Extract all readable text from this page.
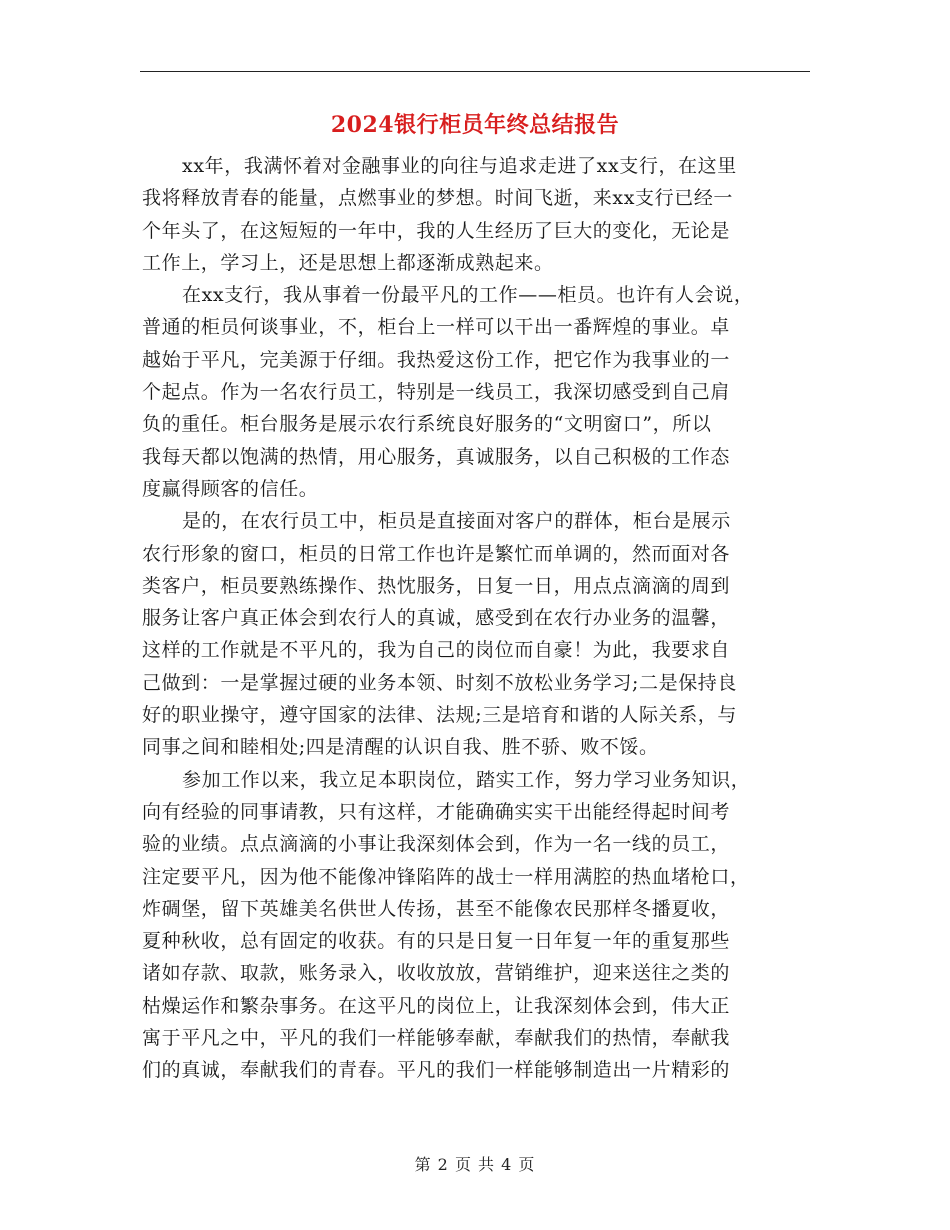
2024银行柜员年终总结报告
xx年，我满怀着对金融事业的向往与追求走进了xx支行，在这里
我将释放青春的能量，点燃事业的梦想。时间飞逝，来xx支行已经一
个年头了，在这短短的一年中，我的人生经历了巨大的变化，无论是
工作上，学习上，还是思想上都逐渐成熟起来。
在xx支行，我从事着一份最平凡的工作——柜员。也许有人会说，
普通的柜员何谈事业，不，柜台上一样可以干出一番辉煌的事业。卓
越始于平凡，完美源于仔细。我热爱这份工作，把它作为我事业的一
个起点。作为一名农行员工，特别是一线员工，我深切感受到自己肩
负的重任。柜台服务是展示农行系统良好服务的“文明窗口”，所以
我每天都以饱满的热情，用心服务，真诚服务，以自己积极的工作态
度赢得顾客的信任。
是的，在农行员工中，柜员是直接面对客户的群体，柜台是展示
农行形象的窗口，柜员的日常工作也许是繁忙而单调的，然而面对各
类客户，柜员要熟练操作、热忱服务，日复一日，用点点滴滴的周到
服务让客户真正体会到农行人的真诚，感受到在农行办业务的温馨，
这样的工作就是不平凡的，我为自己的岗位而自豪！为此，我要求自
己做到：一是掌握过硬的业务本领、时刻不放松业务学习;二是保持良
好的职业操守，遵守国家的法律、法规;三是培育和谐的人际关系，与
同事之间和睦相处;四是清醒的认识自我、胜不骄、败不馁。
参加工作以来，我立足本职岗位，踏实工作，努力学习业务知识，
向有经验的同事请教，只有这样，才能确确实实干出能经得起时间考
验的业绩。点点滴滴的小事让我深刻体会到，作为一名一线的员工，
注定要平凡，因为他不能像冲锋陷阵的战士一样用满腔的热血堵枪口，
炸碉堡，留下英雄美名供世人传扬，甚至不能像农民那样冬播夏收，
夏种秋收，总有固定的收获。有的只是日复一日年复一年的重复那些
诸如存款、取款，账务录入，收收放放，营销维护，迎来送往之类的
枯燥运作和繁杂事务。在这平凡的岗位上，让我深刻体会到，伟大正
寓于平凡之中，平凡的我们一样能够奉献，奉献我们的热情，奉献我
们的真诚，奉献我们的青春。平凡的我们一样能够制造出一片精彩的
第 2 页 共 4 页
